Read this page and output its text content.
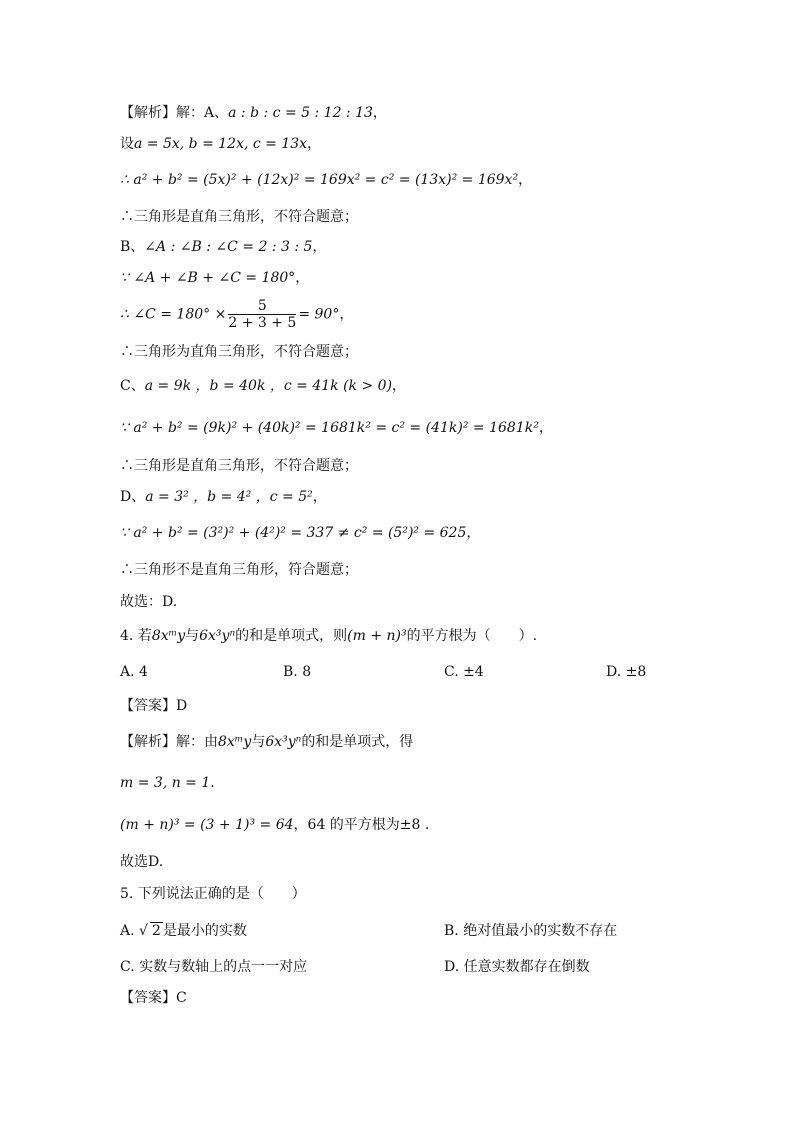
【解析】解：A、a : b : c = 5 : 12 : 13，
设a = 5x, b = 12x, c = 13x，
∴ a² + b² = (5x)² + (12x)² = 169x² = c² = (13x)² = 169x²，
∴三角形是直角三角形，不符合题意；
B、∠A : ∠B : ∠C = 2 : 3 : 5，
∵ ∠A + ∠B + ∠C = 180°，
∴ ∠C = $180^\circ \times \frac{5}{2 + 3 + 5} = 90^\circ$，
∴三角形为直角三角形，不符合题意；
C、a = 9k ，b = 40k ，c = 41k (k > 0)，
∵ a² + b² = (9k)² + (40k)² = 1681k² = c² = (41k)² = 1681k²，
∴三角形是直角三角形，不符合题意；
D、a = 3² ，b = 4² ，c = 5²，
∵ a² + b² = (3²)² + (4²)² = 337 ≠ c² = (5²)² = 625，
∴三角形不是直角三角形，符合题意；
故选：D.
4. 若8xᵐy与6x³yⁿ的和是单项式，则(m + n)³的平方根为（　　）.
A. 4	B. 8	C. ±4	D. ±8
【答案】D
【解析】解：由8xᵐy与6x³yⁿ的和是单项式，得
m = 3, n = 1.
(m + n)³ = (3 + 1)³ = 64，64 的平方根为±8 .
故选D.
5. 下列说法正确的是（　　）
A. √ 2 是最小的实数	B. 绝对值最小的实数不存在
C. 实数与数轴上的点一一对应	D. 任意实数都存在倒数
【答案】C
